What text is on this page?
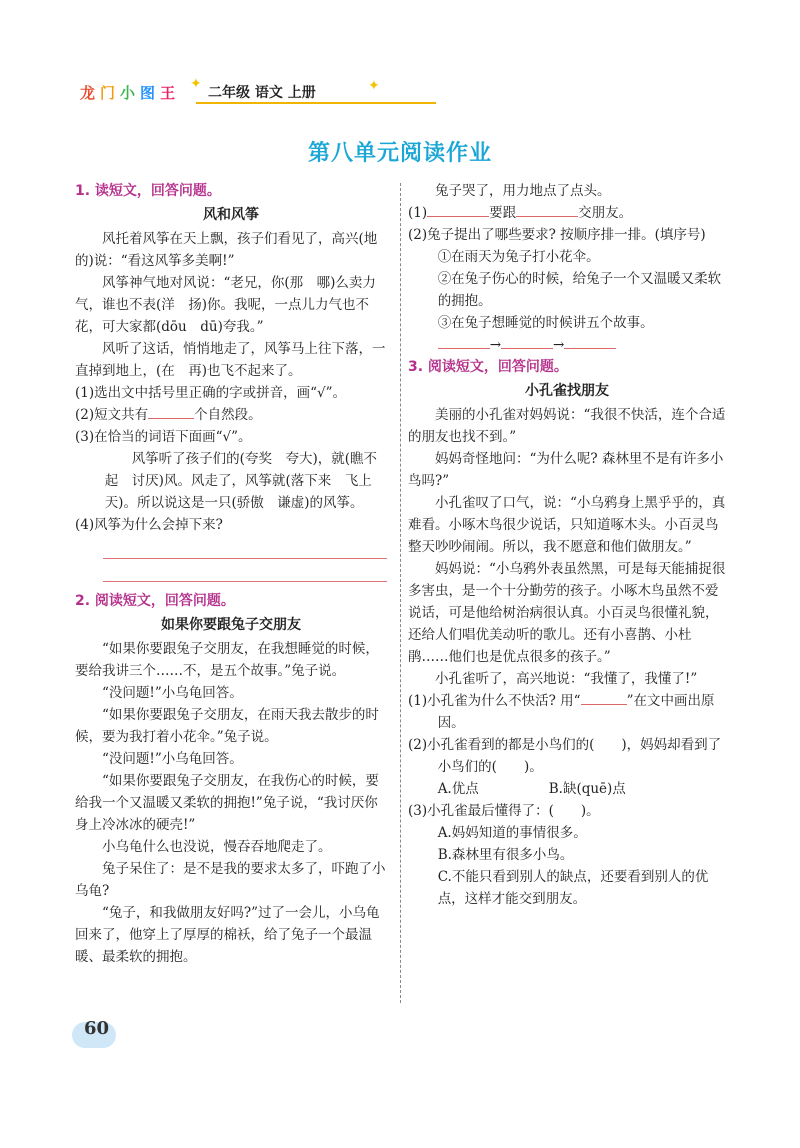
龙 门 小 图 王 ✦
二年级 语文 上册	✦
第八单元阅读作业

1. 读短文，回答问题。

风和风筝

风托着风筝在天上飘，孩子们看见了，高兴(地　的)说：“看这风筝多美啊!”

风筝神气地对风说：“老兄，你(那　哪)么卖力气，谁也不表(洋　扬)你。我呢，一点儿力气也不花，可大家都(dōu　dū)夸我。”

风听了这话，悄悄地走了，风筝马上往下落，一直掉到地上，(在　再)也飞不起来了。

(1)选出文中括号里正确的字或拼音，画“√”。

(2)短文共有	个自然段。

(3)在恰当的词语下面画“√”。

风筝听了孩子们的(夸奖　夸大)，就(瞧不起　讨厌)风。风走了，风筝就(落下来　飞上天)。所以说这是一只(骄傲　谦虚)的风筝。

(4)风筝为什么会掉下来?

2. 阅读短文，回答问题。

如果你要跟兔子交朋友

“如果你要跟兔子交朋友，在我想睡觉的时候，要给我讲三个……不，是五个故事。”兔子说。

“没问题!”小乌龟回答。

“如果你要跟兔子交朋友，在雨天我去散步的时候，要为我打着小花伞。”兔子说。

“没问题!”小乌龟回答。

“如果你要跟兔子交朋友，在我伤心的时候，要给我一个又温暖又柔软的拥抱!”兔子说，“我讨厌你身上冷冰冰的硬壳!”

小乌龟什么也没说，慢吞吞地爬走了。

兔子呆住了：是不是我的要求太多了，吓跑了小乌龟?

“兔子，和我做朋友好吗?”过了一会儿，小乌龟回来了，他穿上了厚厚的棉袄，给了兔子一个最温暖、最柔软的拥抱。

兔子哭了，用力地点了点头。

(1)	要跟	交朋友。

(2)兔子提出了哪些要求? 按顺序排一排。(填序号)

①在雨天为兔子打小花伞。

②在兔子伤心的时候，给兔子一个又温暖又柔软的拥抱。

③在兔子想睡觉的时候讲五个故事。

→	→

3. 阅读短文，回答问题。

小孔雀找朋友

美丽的小孔雀对妈妈说：“我很不快活，连个合适的朋友也找不到。”

妈妈奇怪地问：“为什么呢? 森林里不是有许多小鸟吗?”

小孔雀叹了口气，说：“小乌鸦身上黑乎乎的，真难看。小啄木鸟很少说话，只知道啄木头。小百灵鸟整天吵吵闹闹。所以，我不愿意和他们做朋友。”

妈妈说：“小乌鸦外表虽然黑，可是每天能捕捉很多害虫，是一个十分勤劳的孩子。小啄木鸟虽然不爱说话，可是他给树治病很认真。小百灵鸟很懂礼貌，还给人们唱优美动听的歌儿。还有小喜鹊、小杜鹃……他们也是优点很多的孩子。”

小孔雀听了，高兴地说：“我懂了，我懂了!”

(1)小孔雀为什么不快活? 用“	”在文中画出原因。

(2)小孔雀看到的都是小鸟们的(　　)，妈妈却看到了小鸟们的(　　)。

A.优点	B.缺(quē)点

(3)小孔雀最后懂得了：(　　)。

A.妈妈知道的事情很多。

B.森林里有很多小鸟。

C.不能只看到别人的缺点，还要看到别人的优点，这样才能交到朋友。

60
